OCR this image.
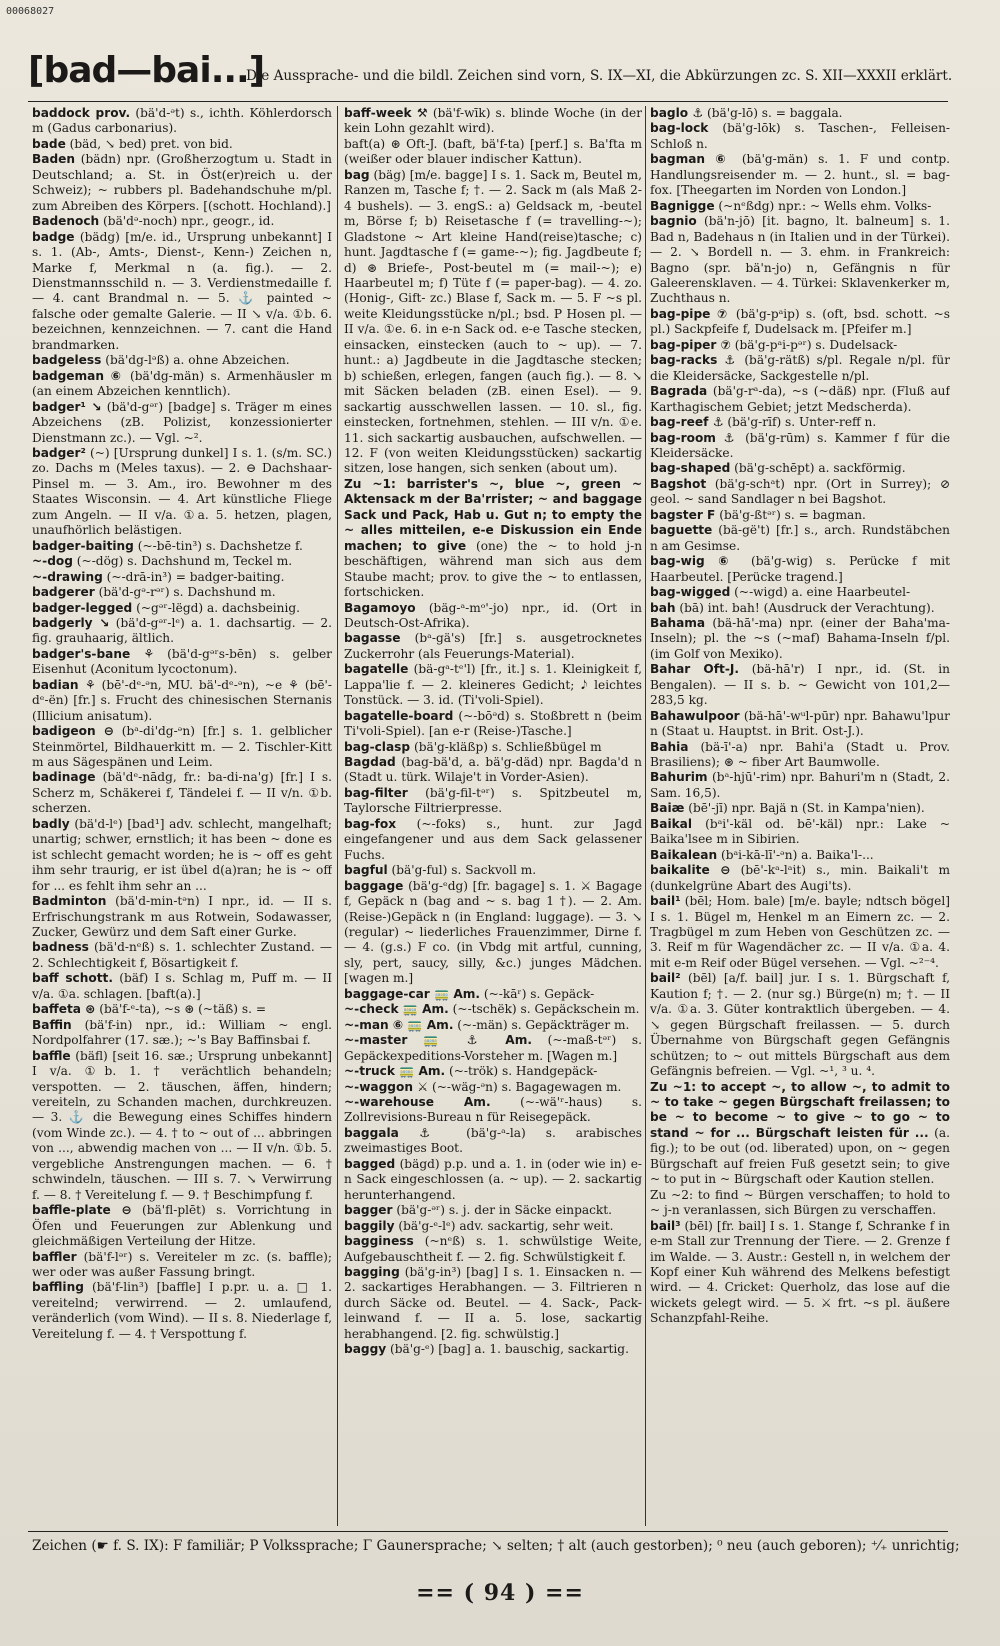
00068027
[bad—bai...]
Die Aussprache- und die bildl. Zeichen sind vorn, S. IX—XI, die Abkürzungen zc. S. XII—XXXII erklärt.

baddock prov. (bä'd-ᵊt) s., ichth. Köhlerdorsch m (Gadus carbonarius).

bade (bäd, ↘ bed) pret. von bid.

Baden (bädn) npr. (Großherzogtum u. Stadt in Deutschland; a. St. in Öst(er)reich u. der Schweiz); ~ rubbers pl. Badehandschuhe m/pl. zum Abreiben des Körpers. [(schott. Hochland).]

Badenoch (bä'dᵊ-noch) npr., geogr., id.

badge (bädg) [m/e. id., Ursprung unbekannt] I s. 1. (Ab-, Amts-, Dienst-, Kenn-) Zeichen n, Marke f, Merkmal n (a. fig.). — 2. Dienstmannsschild n. — 3. Verdienstmedaille f. — 4. cant Brandmal n. — 5. ⚓ painted ~ falsche oder gemalte Galerie. — II ↘ v/a. ①b. 6. bezeichnen, kennzeichnen. — 7. cant die Hand brandmarken.

badgeless (bä'dg-lᵊß) a. ohne Abzeichen.

badgeman ⑥ (bä'dg-män) s. Armenhäusler m (an einem Abzeichen kenntlich).

badger¹ ↘ (bä'd-gᵊʳ) [badge] s. Träger m eines Abzeichens (zB. Polizist, konzessionierter Dienstmann zc.). — Vgl. ~².

badger² (~) [Ursprung dunkel] I s. 1. (s/m. SC.) zo. Dachs m (Meles taxus). — 2. ⊖ Dachshaar-Pinsel m. — 3. Am., iro. Bewohner m des Staates Wisconsin. — 4. Art künstliche Fliege zum Angeln. — II v/a. ①a. 5. hetzen, plagen, unaufhörlich belästigen.

badger-baiting (~-bē-tin³) s. Dachshetze f.

~-dog (~-dög) s. Dachshund m, Teckel m.

~-drawing (~-drā-in³) = badger-baiting.

badgerer (bä'd-gᵊ-rᵊʳ) s. Dachshund m.

badger-legged (~gᵊʳ-lëgd) a. dachsbeinig.

badgerly ↘ (bä'd-gᵊʳ-lᵉ) a. 1. dachsartig. — 2. fig. grauhaarig, ältlich.

badger's-bane ⚘ (bä'd-gᵊʳs-bēn) s. gelber Eisenhut (Aconitum lycoctonum).

badian ⚘ (bē'-dᵉ-ᵊn, MU. bä'-dᵉ-ᵊn), ~e ⚘ (bē'-dᵉ-ën) [fr.] s. Frucht des chinesischen Sternanis (Illicium anisatum).

badigeon ⊖ (bᵃ-di'dg-ᵊn) [fr.] s. 1. gelblicher Steinmörtel, Bildhauerkitt m. — 2. Tischler-Kitt m aus Sägespänen und Leim.

badinage (bä'dᵉ-nādg, fr.: ba-di-na'g) [fr.] I s. Scherz m, Schäkerei f, Tändelei f. — II v/n. ①b. scherzen.

badly (bä'd-lᵉ) [bad¹] adv. schlecht, mangelhaft; unartig; schwer, ernstlich; it has been ~ done es ist schlecht gemacht worden; he is ~ off es geht ihm sehr traurig, er ist übel d(a)ran; he is ~ off for ... es fehlt ihm sehr an ...

Badminton (bä'd-min-tᵊn) I npr., id. — II s. Erfrischungstrank m aus Rotwein, Sodawasser, Zucker, Gewürz und dem Saft einer Gurke.

badness (bä'd-nᵉß) s. 1. schlechter Zustand. — 2. Schlechtigkeit f, Bösartigkeit f.

baff schott. (bäf) I s. Schlag m, Puff m. — II v/a. ①a. schlagen. [baft(a).]

baffeta ⊛ (bä'f-ᵉ-ta), ~s ⊛ (~täß) s. =

Baffin (bä'f-in) npr., id.: William ~ engl. Nordpolfahrer (17. sæ.); ~'s Bay Baffinsbai f.

baffle (bäfl) [seit 16. sæ.; Ursprung unbekannt] I v/a. ①b. 1. † verächtlich behandeln; verspotten. — 2. täuschen, äffen, hindern; vereiteln, zu Schanden machen, durchkreuzen. — 3. ⚓ die Bewegung eines Schiffes hindern (vom Winde zc.). — 4. † to ~ out of ... abbringen von ..., abwendig machen von ... — II v/n. ①b. 5. vergebliche Anstrengungen machen. — 6. † schwindeln, täuschen. — III s. 7. ↘ Verwirrung f. — 8. † Vereitelung f. — 9. † Beschimpfung f.

baffle-plate ⊖ (bä'fl-plēt) s. Vorrichtung in Öfen und Feuerungen zur Ablenkung und gleichmäßigen Verteilung der Hitze.

baffler (bä'f-lᵊʳ) s. Vereiteler m zc. (s. baffle); wer oder was außer Fassung bringt.

baffling (bä'f-lin³) [baffle] I p.pr. u. a. □ 1. vereitelnd; verwirrend. — 2. umlaufend, veränderlich (vom Wind). — II s. 8. Niederlage f, Vereitelung f. — 4. † Verspottung f.

baff-week ⚒ (bä'f-wīk) s. blinde Woche (in der kein Lohn gezahlt wird).

baft(a) ⊛ Oft-J. (baft, bä'f-ta) [perf.] s. Ba'fta m (weißer oder blauer indischer Kattun).

bag (bäg) [m/e. bagge] I s. 1. Sack m, Beutel m, Ranzen m, Tasche f; †. — 2. Sack m (als Maß 2-4 bushels). — 3. engS.: a) Geldsack m, -beutel m, Börse f; b) Reisetasche f (= travelling-~); Gladstone ~ Art kleine Hand(reise)tasche; c) hunt. Jagdtasche f (= game-~); fig. Jagdbeute f; d) ⊛ Briefe-, Post-beutel m (= mail-~); e) Haarbeutel m; f) Tüte f (= paper-bag). — 4. zo. (Honig-, Gift- zc.) Blase f, Sack m. — 5. F ~s pl. weite Kleidungsstücke n/pl.; bsd. P Hosen pl. — II v/a. ①e. 6. in e-n Sack od. e-e Tasche stecken, einsacken, einstecken (auch to ~ up). — 7. hunt.: a) Jagdbeute in die Jagdtasche stecken; b) schießen, erlegen, fangen (auch fig.). — 8. ↘ mit Säcken beladen (zB. einen Esel). — 9. sackartig ausschwellen lassen. — 10. sl., fig. einstecken, fortnehmen, stehlen. — III v/n. ①e. 11. sich sackartig ausbauchen, aufschwellen. — 12. F (von weiten Kleidungsstücken) sackartig sitzen, lose hangen, sich senken (about um).

Zu ~1: barrister's ~, blue ~, green ~ Aktensack m der Ba'rrister; ~ and baggage Sack und Pack, Hab u. Gut n; to empty the ~ alles mitteilen, e-e Diskussion ein Ende machen; to give (one) the ~ to hold j-n beschäftigen, während man sich aus dem Staube macht; prov. to give the ~ to entlassen, fortschicken.

Bagamoyo (bäg-ᵃ-mᵒ'-jo) npr., id. (Ort in Deutsch-Ost-Afrika).

bagasse (bᵃ-gä's) [fr.] s. ausgetrocknetes Zuckerrohr (als Feuerungs-Material).

bagatelle (bä-gᵃ-tᵉ'l) [fr., it.] s. 1. Kleinigkeit f, Lappa'lie f. — 2. kleineres Gedicht; 𝅘𝅥𝅮 leichtes Tonstück. — 3. id. (Ti'voli-Spiel).

bagatelle-board (~-bōᵊd) s. Stoßbrett n (beim Ti'voli-Spiel). [an e-r (Reise-)Tasche.]

bag-clasp (bä'g-kläßp) s. Schließbügel m

Bagdad (bag-bä'd, a. bä'g-däd) npr. Bagda'd n (Stadt u. türk. Wilaje't in Vorder-Asien).

bag-filter (bä'g-fil-tᵊʳ) s. Spitzbeutel m, Taylorsche Filtrierpresse.

bag-fox (~-foks) s., hunt. zur Jagd eingefangener und aus dem Sack gelassener Fuchs.

bagful (bä'g-ful) s. Sackvoll m.

baggage (bä'g-ᵉdg) [fr. bagage] s. 1. ⚔ Bagage f, Gepäck n (bag and ~ s. bag 1 †). — 2. Am. (Reise-)Gepäck n (in England: luggage). — 3. ↘ (regular) ~ liederliches Frauenzimmer, Dirne f. — 4. (g.s.) F co. (in Vbdg mit artful, cunning, sly, pert, saucy, silly, &c.) junges Mädchen. [wagen m.]

baggage-car 🚃 Am. (~-kāʳ) s. Gepäck-

~-check 🚃 Am. (~-tschëk) s. Gepäckschein m.

~-man ⑥ 🚃 Am. (~-män) s. Gepäckträger m.

~-master 🚃 ⚓ Am. (~-maß-tᵊʳ) s. Gepäckexpeditions-Vorsteher m. [Wagen m.]

~-truck 🚃 Am. (~-trök) s. Handgepäck-

~-waggon ⚔ (~-wäg-ᵊn) s. Bagagewagen m.

~-warehouse Am. (~-wä'ʳ-haus) s. Zollrevisions-Bureau n für Reisegepäck.

baggala ⚓ (bä'g-ᵃ-la) s. arabisches zweimastiges Boot.

bagged (bägd) p.p. und a. 1. in (oder wie in) e-n Sack eingeschlossen (a. ~ up). — 2. sackartig herunterhangend.

bagger (bä'g-ᵊʳ) s. j. der in Säcke einpackt.

baggily (bä'g-ᵉ-lᵉ) adv. sackartig, sehr weit.

bagginess (~nᵉß) s. 1. schwülstige Weite, Aufgebauschtheit f. — 2. fig. Schwülstigkeit f.

bagging (bä'g-in³) [bag] I s. 1. Einsacken n. — 2. sackartiges Herabhangen. — 3. Filtrieren n durch Säcke od. Beutel. — 4. Sack-, Pack-leinwand f. — II a. 5. lose, sackartig herabhangend. [2. fig. schwülstig.]

baggy (bä'g-ᵉ) [bag] a. 1. bauschig, sackartig.

baglo ⚓ (bä'g-lō) s. = baggala.

bag-lock (bä'g-lōk) s. Taschen-, Felleisen-Schloß n.

bagman ⑥ (bä'g-män) s. 1. F und contp. Handlungsreisender m. — 2. hunt., sl. = bag-fox. [Theegarten im Norden von London.]

Bagnigge (~nᵉßdg) npr.: ~ Wells ehm. Volks-

bagnio (bä'n-jō) [it. bagno, lt. balneum] s. 1. Bad n, Badehaus n (in Italien und in der Türkei). — 2. ↘ Bordell n. — 3. ehm. in Frankreich: Bagno (spr. bä'n-jo) n, Gefängnis n für Galeerensklaven. — 4. Türkei: Sklavenkerker m, Zuchthaus n.

bag-pipe ⑦ (bä'g-pᵃip) s. (oft, bsd. schott. ~s pl.) Sackpfeife f, Dudelsack m. [Pfeifer m.]

bag-piper ⑦ (bä'g-pᵃi-pᵊʳ) s. Dudelsack-

bag-racks ⚓ (bä'g-rätß) s/pl. Regale n/pl. für die Kleidersäcke, Sackgestelle n/pl.

Bagrada (bä'g-rᵃ-da), ~s (~däß) npr. (Fluß auf Karthagischem Gebiet; jetzt Medscherda).

bag-reef ⚓ (bä'g-rīf) s. Unter-reff n.

bag-room ⚓ (bä'g-rūm) s. Kammer f für die Kleidersäcke.

bag-shaped (bä'g-schēpt) a. sackförmig.

Bagshot (bä'g-schᵃt) npr. (Ort in Surrey); ⊘ geol. ~ sand Sandlager n bei Bagshot.

bagster F (bä'g-ßtᵊʳ) s. = bagman.

baguette (bä-gë't) [fr.] s., arch. Rundstäbchen n am Gesimse.

bag-wig ⑥ (bä'g-wig) s. Perücke f mit Haarbeutel. [Perücke tragend.]

bag-wigged (~-wigd) a. eine Haarbeutel-

bah (bā) int. bah! (Ausdruck der Verachtung).

Bahama (bä-hā'-ma) npr. (einer der Baha'ma-Inseln); pl. the ~s (~maf) Bahama-Inseln f/pl. (im Golf von Mexiko).

Bahar Oft-J. (bä-hā'r) I npr., id. (St. in Bengalen). — II s. b. ~ Gewicht von 101,2—283,5 kg.

Bahawulpoor (bä-hā'-wᵘl-pūr) npr. Bahawu'lpur n (Staat u. Hauptst. in Brit. Ost-J.).

Bahia (bä-ī'-a) npr. Bahi'a (Stadt u. Prov. Brasiliens); ⊛ ~ fiber Art Baumwolle.

Bahurim (bᵃ-hjū'-rim) npr. Bahuri'm n (Stadt, 2. Sam. 16,5).

Baiæ (bē'-jī) npr. Bajä n (St. in Kampa'nien).

Baikal (bᵃi'-käl od. bē'-käl) npr.: Lake ~ Baika'lsee m in Sibirien.

Baikalean (bᵃi-kā-lī'-ᵊn) a. Baika'l-...

baikalite ⊖ (bē'-kᵃ-lᵃit) s., min. Baikali't m (dunkelgrüne Abart des Augi'ts).

bail¹ (bēl; Hom. bale) [m/e. bayle; ndtsch bögel] I s. 1. Bügel m, Henkel m an Eimern zc. — 2. Tragbügel m zum Heben von Geschützen zc. — 3. Reif m für Wagendächer zc. — II v/a. ①a. 4. mit e-m Reif oder Bügel versehen. — Vgl. ~²⁻⁴.

bail² (bēl) [a/f. bail] jur. I s. 1. Bürgschaft f, Kaution f; †. — 2. (nur sg.) Bürge(n) m; †. — II v/a. ①a. 3. Güter kontraktlich übergeben. — 4. ↘ gegen Bürgschaft freilassen. — 5. durch Übernahme von Bürgschaft gegen Gefängnis schützen; to ~ out mittels Bürgschaft aus dem Gefängnis befreien. — Vgl. ~¹, ³ u. ⁴.

Zu ~1: to accept ~, to allow ~, to admit to ~ to take ~ gegen Bürgschaft freilassen; to be ~ to become ~ to give ~ to go ~ to stand ~ for ... Bürgschaft leisten für ... (a. fig.); to be out (od. liberated) upon, on ~ gegen Bürgschaft auf freien Fuß gesetzt sein; to give ~ to put in ~ Bürgschaft oder Kaution stellen.

Zu ~2: to find ~ Bürgen verschaffen; to hold to ~ j-n veranlassen, sich Bürgen zu verschaffen.

bail³ (bēl) [fr. bail] I s. 1. Stange f, Schranke f in e-m Stall zur Trennung der Tiere. — 2. Grenze f im Walde. — 3. Austr.: Gestell n, in welchem der Kopf einer Kuh während des Melkens befestigt wird. — 4. Cricket: Querholz, das lose auf die wickets gelegt wird. — 5. ⚔ frt. ~s pl. äußere Schanzpfahl-Reihe.

Zeichen (☛ f. S. IX): F familiär; P Volkssprache; Γ Gaunersprache; ↘ selten; † alt (auch gestorben); ⁰ neu (auch geboren); ⁺⁄₊ unrichtig;
== ( 94 ) ==
